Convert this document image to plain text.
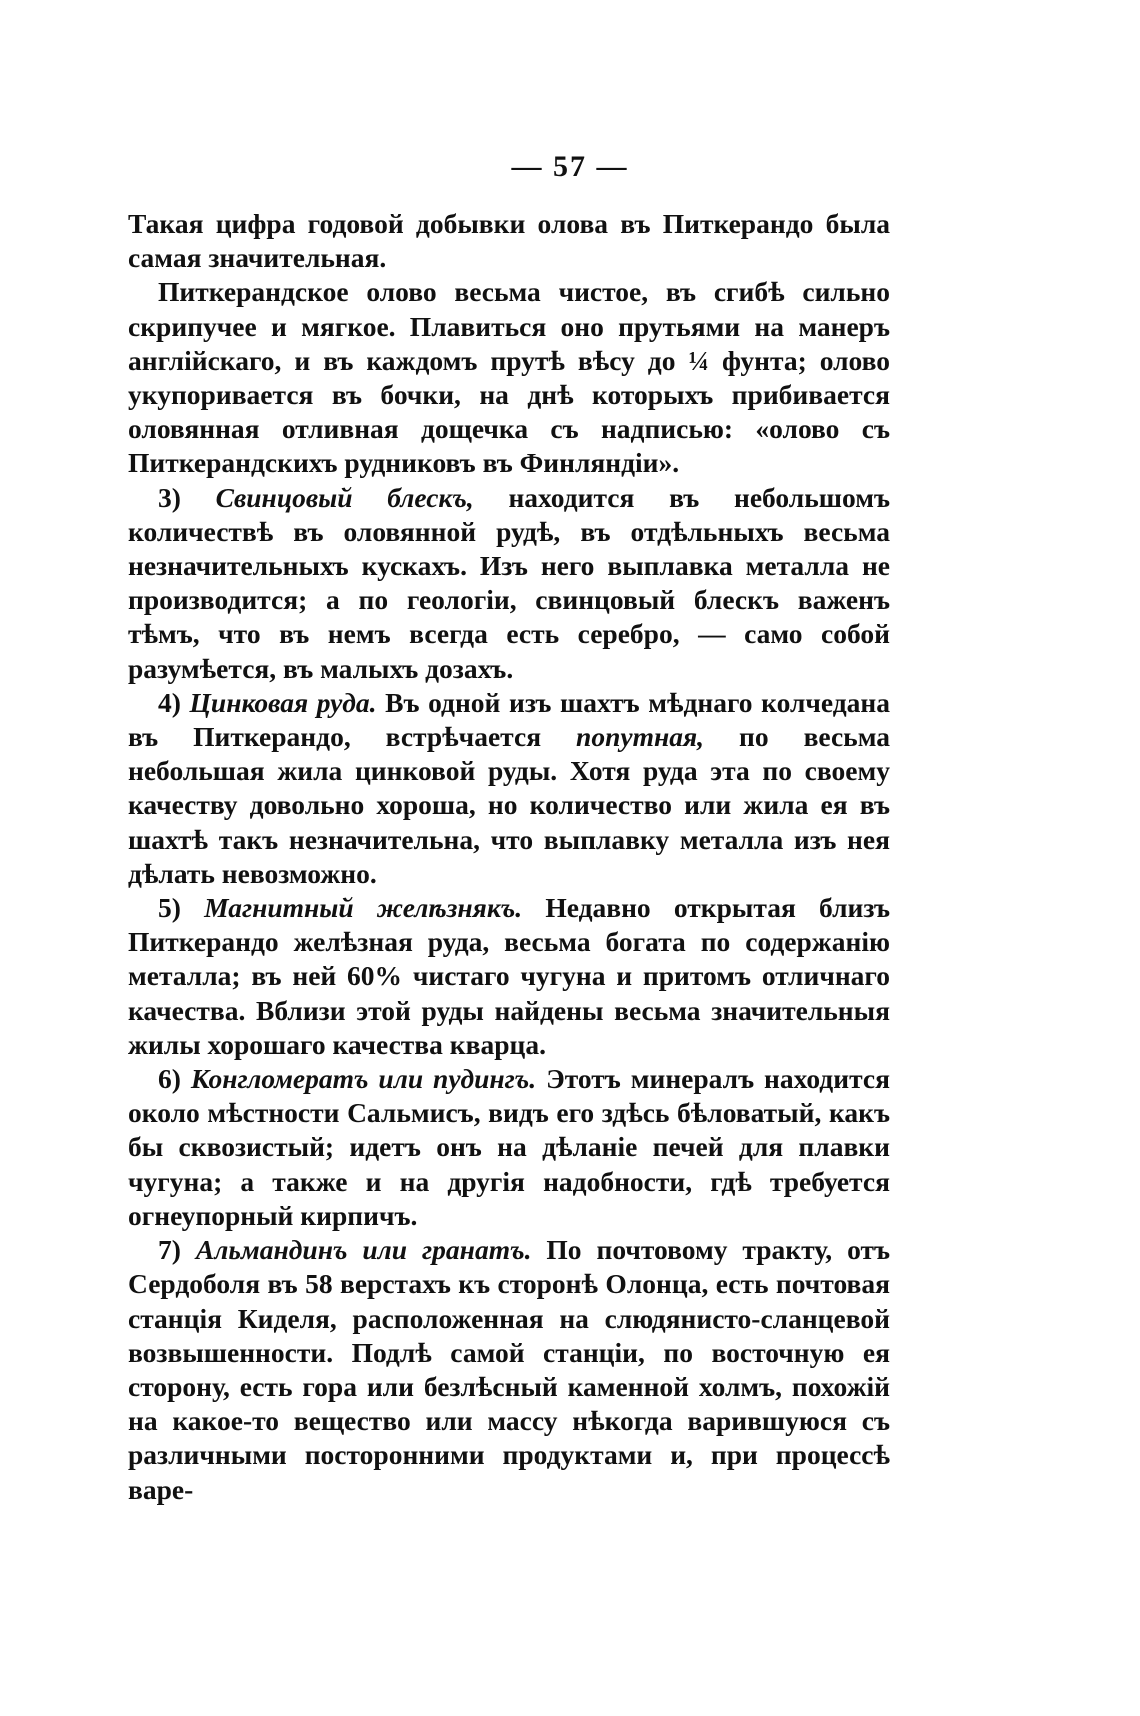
— 57 —

Такая цифра годовой добывки олова въ Питкерандо была самая значительная.

Питкерандское олово весьма чистое, въ сгибѣ сильно скрипучее и мягкое. Плавиться оно прутьями на манеръ англійскаго, и въ каждомъ прутѣ вѣсу до ¼ фунта; олово укупоривается въ бочки, на днѣ которыхъ прибивается оловянная отливная дощечка съ надписью: «олово съ Питкерандскихъ рудниковъ въ Финляндіи».

3) Свинцовый блескъ, находится въ небольшомъ количествѣ въ оловянной рудѣ, въ отдѣльныхъ весьма незначительныхъ кускахъ. Изъ него выплавка металла не производится; а по геологіи, свинцовый блескъ важенъ тѣмъ, что въ немъ всегда есть серебро, — само собой разумѣется, въ малыхъ дозахъ.

4) Цинковая руда. Въ одной изъ шахтъ мѣднаго колчедана въ Питкерандо, встрѣчается попутная, по весьма небольшая жила цинковой руды. Хотя руда эта по своему качеству довольно хороша, но количество или жила ея въ шахтѣ такъ незначительна, что выплавку металла изъ нея дѣлать невозможно.

5) Магнитный желѣзнякъ. Недавно открытая близъ Питкерандо желѣзная руда, весьма богата по содержанію металла; въ ней 60% чистаго чугуна и притомъ отличнаго качества. Вблизи этой руды найдены весьма значительныя жилы хорошаго качества кварца.

6) Конгломератъ или пудингъ. Этотъ минералъ находится около мѣстности Сальмисъ, видъ его здѣсь бѣловатый, какъ бы сквозистый; идетъ онъ на дѣланіе печей для плавки чугуна; а также и на другія надобности, гдѣ требуется огнеупорный кирпичъ.

7) Альмандинъ или гранатъ. По почтовому тракту, отъ Сердоболя въ 58 верстахъ къ сторонѣ Олонца, есть почтовая станція Киделя, расположенная на слюдянисто-сланцевой возвышенности. Подлѣ самой станціи, по восточную ея сторону, есть гора или безлѣсный каменной холмъ, похожій на какое-то вещество или массу нѣкогда варившуюся съ различными посторонними продуктами и, при процессѣ варе-
